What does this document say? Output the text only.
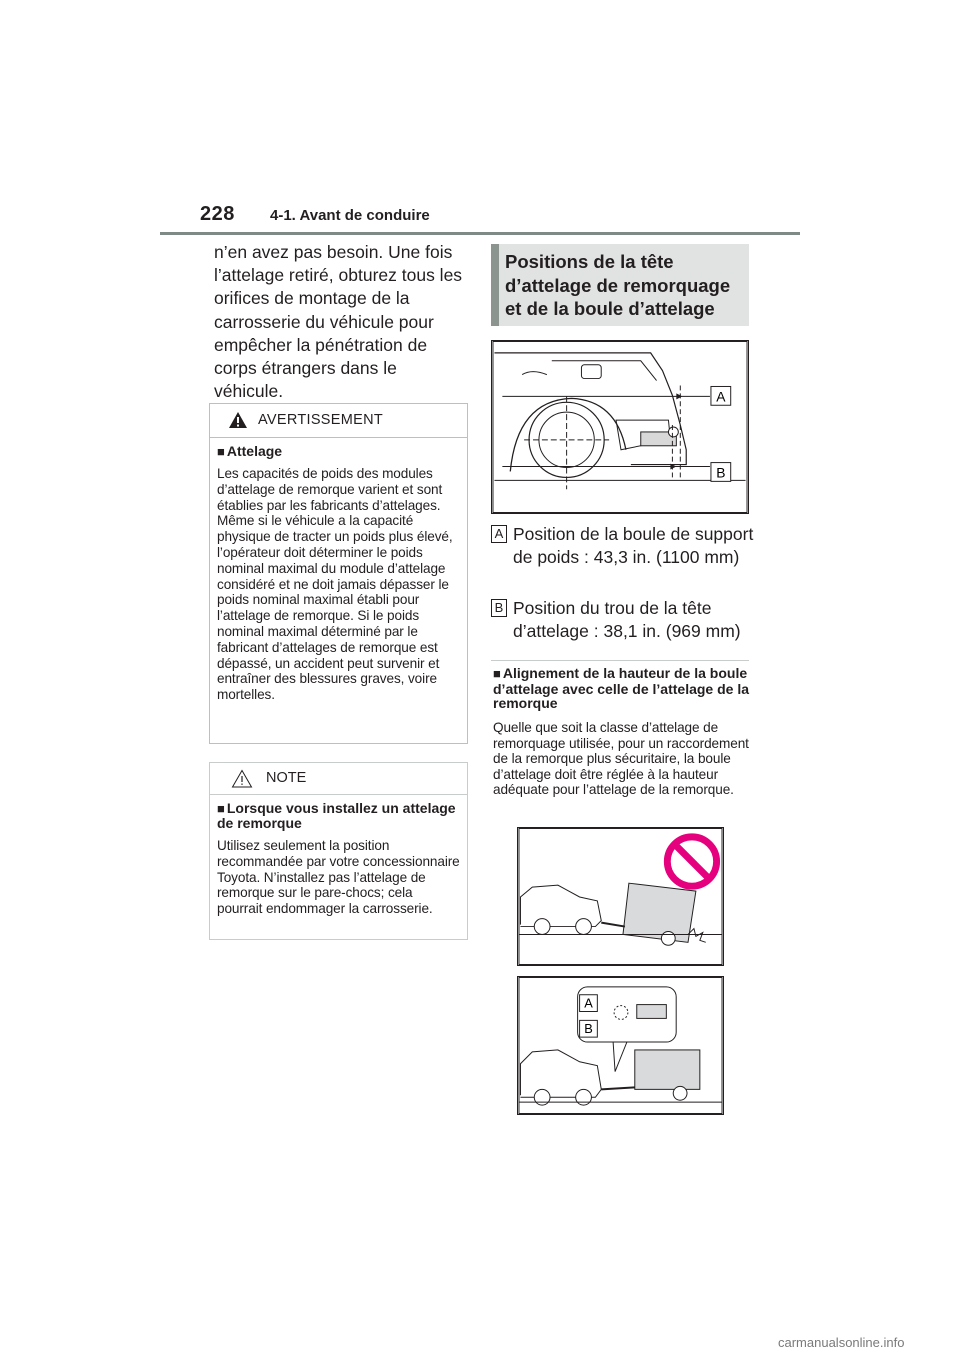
228 4-1. Avant de conduire

n’en avez pas besoin. Une fois l’attelage retiré, obturez tous les orifices de montage de la carrosserie du véhicule pour empêcher la pénétration de corps étrangers dans le véhicule.

AVERTISSEMENT
■ Attelage
Les capacités de poids des modules d’attelage de remorque varient et sont établies par les fabricants d’attelages. Même si le véhicule a la capacité physique de tracter un poids plus élevé, l’opérateur doit déterminer le poids nominal maximal du module d’attelage considéré et ne doit jamais dépasser le poids nominal maximal établi pour l’attelage de remorque. Si le poids nominal maximal déterminé par le fabricant d’attelages de remorque est dépassé, un accident peut survenir et entraîner des blessures graves, voire mortelles.
NOTE
■ Lorsque vous installez un attelage de remorque
Utilisez seulement la position recommandée par votre concessionnaire Toyota. N’installez pas l’attelage de remorque sur le pare-chocs; cela pourrait endommager la carrosserie.
Positions de la tête d’attelage de remorquage et de la boule d’attelage
A
B
A Position de la boule de support de poids : 43,3 in. (1100 mm)
B Position du trou de la tête d’attelage : 38,1 in. (969 mm)
■ Alignement de la hauteur de la boule d’attelage avec celle de l’attelage de la remorque
Quelle que soit la classe d’attelage de remorquage utilisée, pour un raccordement de la remorque plus sécuritaire, la boule d’attelage doit être réglée à la hauteur adéquate pour l’attelage de la remorque.
A
B
carmanualsonline.info
